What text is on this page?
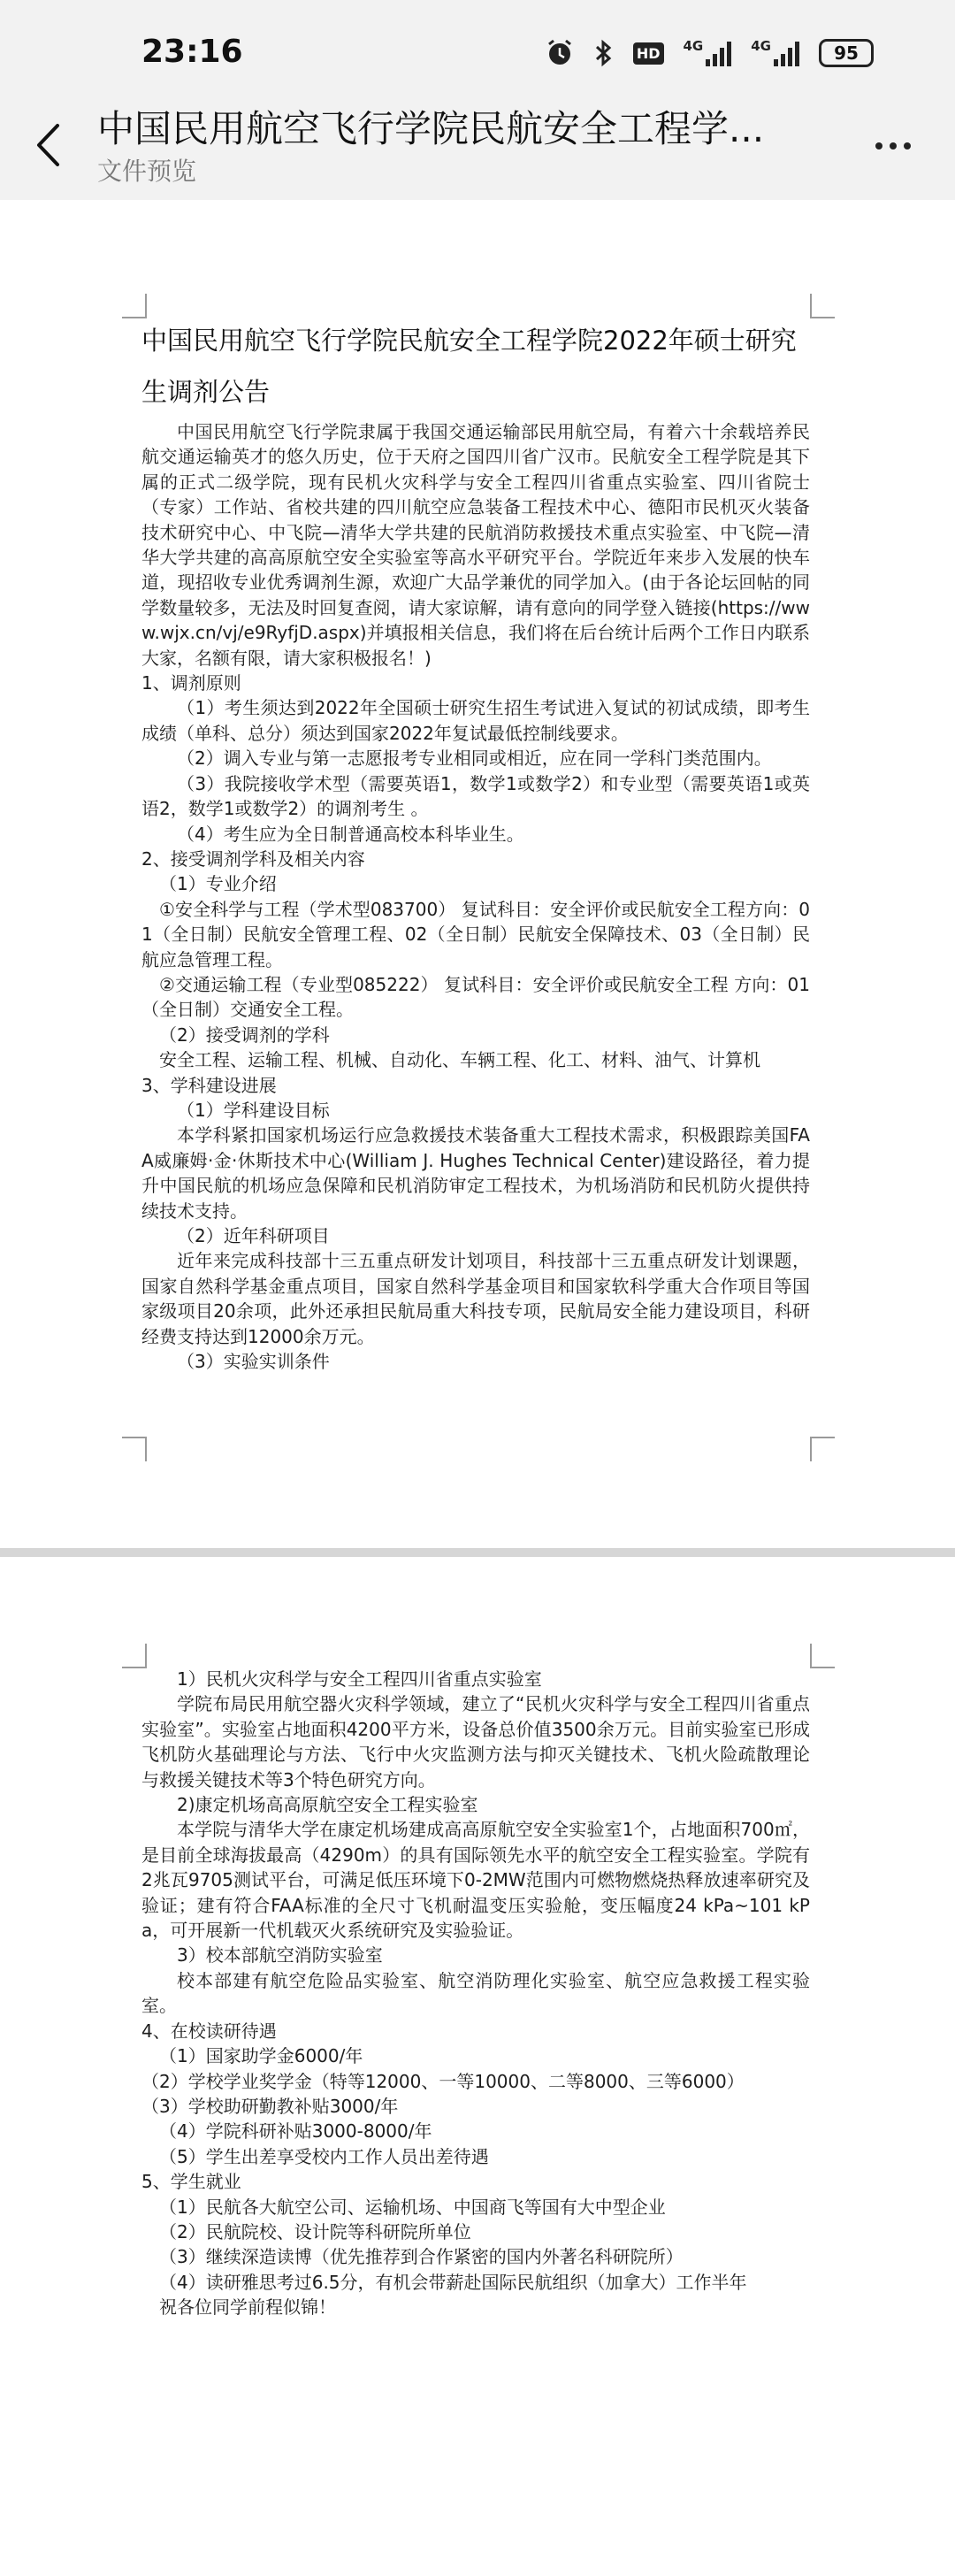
23:16	HD 4G	4G	95
中国民用航空飞行学院民航安全工程学...
文件预览
中国民用航空飞行学院民航安全工程学院2022年硕士研究生调剂公告

中国民用航空飞行学院隶属于我国交通运输部民用航空局，有着六十余载培养民航交通运输英才的悠久历史，位于天府之国四川省广汉市。民航安全工程学院是其下属的正式二级学院，现有民机火灾科学与安全工程四川省重点实验室、四川省院士（专家）工作站、省校共建的四川航空应急装备工程技术中心、德阳市民机灭火装备技术研究中心、中飞院—清华大学共建的民航消防救援技术重点实验室、中飞院—清华大学共建的高高原航空安全实验室等高水平研究平台。学院近年来步入发展的快车道，现招收专业优秀调剂生源，欢迎广大品学兼优的同学加入。(由于各论坛回帖的同学数量较多，无法及时回复查阅，请大家谅解，请有意向的同学登入链接(https://www.wjx.cn/vj/e9RyfjD.aspx)并填报相关信息，我们将在后台统计后两个工作日内联系大家，名额有限，请大家积极报名！)

1、调剂原则

（1）考生须达到2022年全国硕士研究生招生考试进入复试的初试成绩，即考生成绩（单科、总分）须达到国家2022年复试最低控制线要求。

（2）调入专业与第一志愿报考专业相同或相近，应在同一学科门类范围内。

（3）我院接收学术型（需要英语1，数学1或数学2）和专业型（需要英语1或英语2，数学1或数学2）的调剂考生 。

（4）考生应为全日制普通高校本科毕业生。

2、接受调剂学科及相关内容

（1）专业介绍

①安全科学与工程（学术型083700） 复试科目：安全评价或民航安全工程方向：01（全日制）民航安全管理工程、02（全日制）民航安全保障技术、03（全日制）民航应急管理工程。

②交通运输工程（专业型085222） 复试科目：安全评价或民航安全工程 方向：01（全日制）交通安全工程。

（2）接受调剂的学科

安全工程、运输工程、机械、自动化、车辆工程、化工、材料、油气、计算机

3、学科建设进展

（1）学科建设目标

本学科紧扣国家机场运行应急救援技术装备重大工程技术需求，积极跟踪美国FAA威廉姆·金·休斯技术中心(William J. Hughes Technical Center)建设路径，着力提升中国民航的机场应急保障和民机消防审定工程技术，为机场消防和民机防火提供持续技术支持。

（2）近年科研项目

近年来完成科技部十三五重点研发计划项目，科技部十三五重点研发计划课题，国家自然科学基金重点项目，国家自然科学基金项目和国家软科学重大合作项目等国家级项目20余项，此外还承担民航局重大科技专项，民航局安全能力建设项目，科研经费支持达到12000余万元。

（3）实验实训条件

1）民机火灾科学与安全工程四川省重点实验室

学院布局民用航空器火灾科学领域，建立了“民机火灾科学与安全工程四川省重点实验室”。实验室占地面积4200平方米，设备总价值3500余万元。目前实验室已形成飞机防火基础理论与方法、飞行中火灾监测方法与抑灭关键技术、飞机火险疏散理论与救援关键技术等3个特色研究方向。

2)康定机场高高原航空安全工程实验室

本学院与清华大学在康定机场建成高高原航空安全实验室1个，占地面积700㎡，是目前全球海拔最高（4290m）的具有国际领先水平的航空安全工程实验室。学院有2兆瓦9705测试平台，可满足低压环境下0-2MW范围内可燃物燃烧热释放速率研究及验证；建有符合FAA标准的全尺寸飞机耐温变压实验舱，变压幅度24 kPa~101 kPa，可开展新一代机载灭火系统研究及实验验证。

3）校本部航空消防实验室

校本部建有航空危险品实验室、航空消防理化实验室、航空应急救援工程实验室。

4、在校读研待遇

（1）国家助学金6000/年

（2）学校学业奖学金（特等12000、一等10000、二等8000、三等6000）

（3）学校助研勤教补贴3000/年

（4）学院科研补贴3000-8000/年

（5）学生出差享受校内工作人员出差待遇

5、学生就业

（1）民航各大航空公司、运输机场、中国商飞等国有大中型企业

（2）民航院校、设计院等科研院所单位

（3）继续深造读博（优先推荐到合作紧密的国内外著名科研院所）

（4）读研雅思考过6.5分，有机会带薪赴国际民航组织（加拿大）工作半年

祝各位同学前程似锦！
